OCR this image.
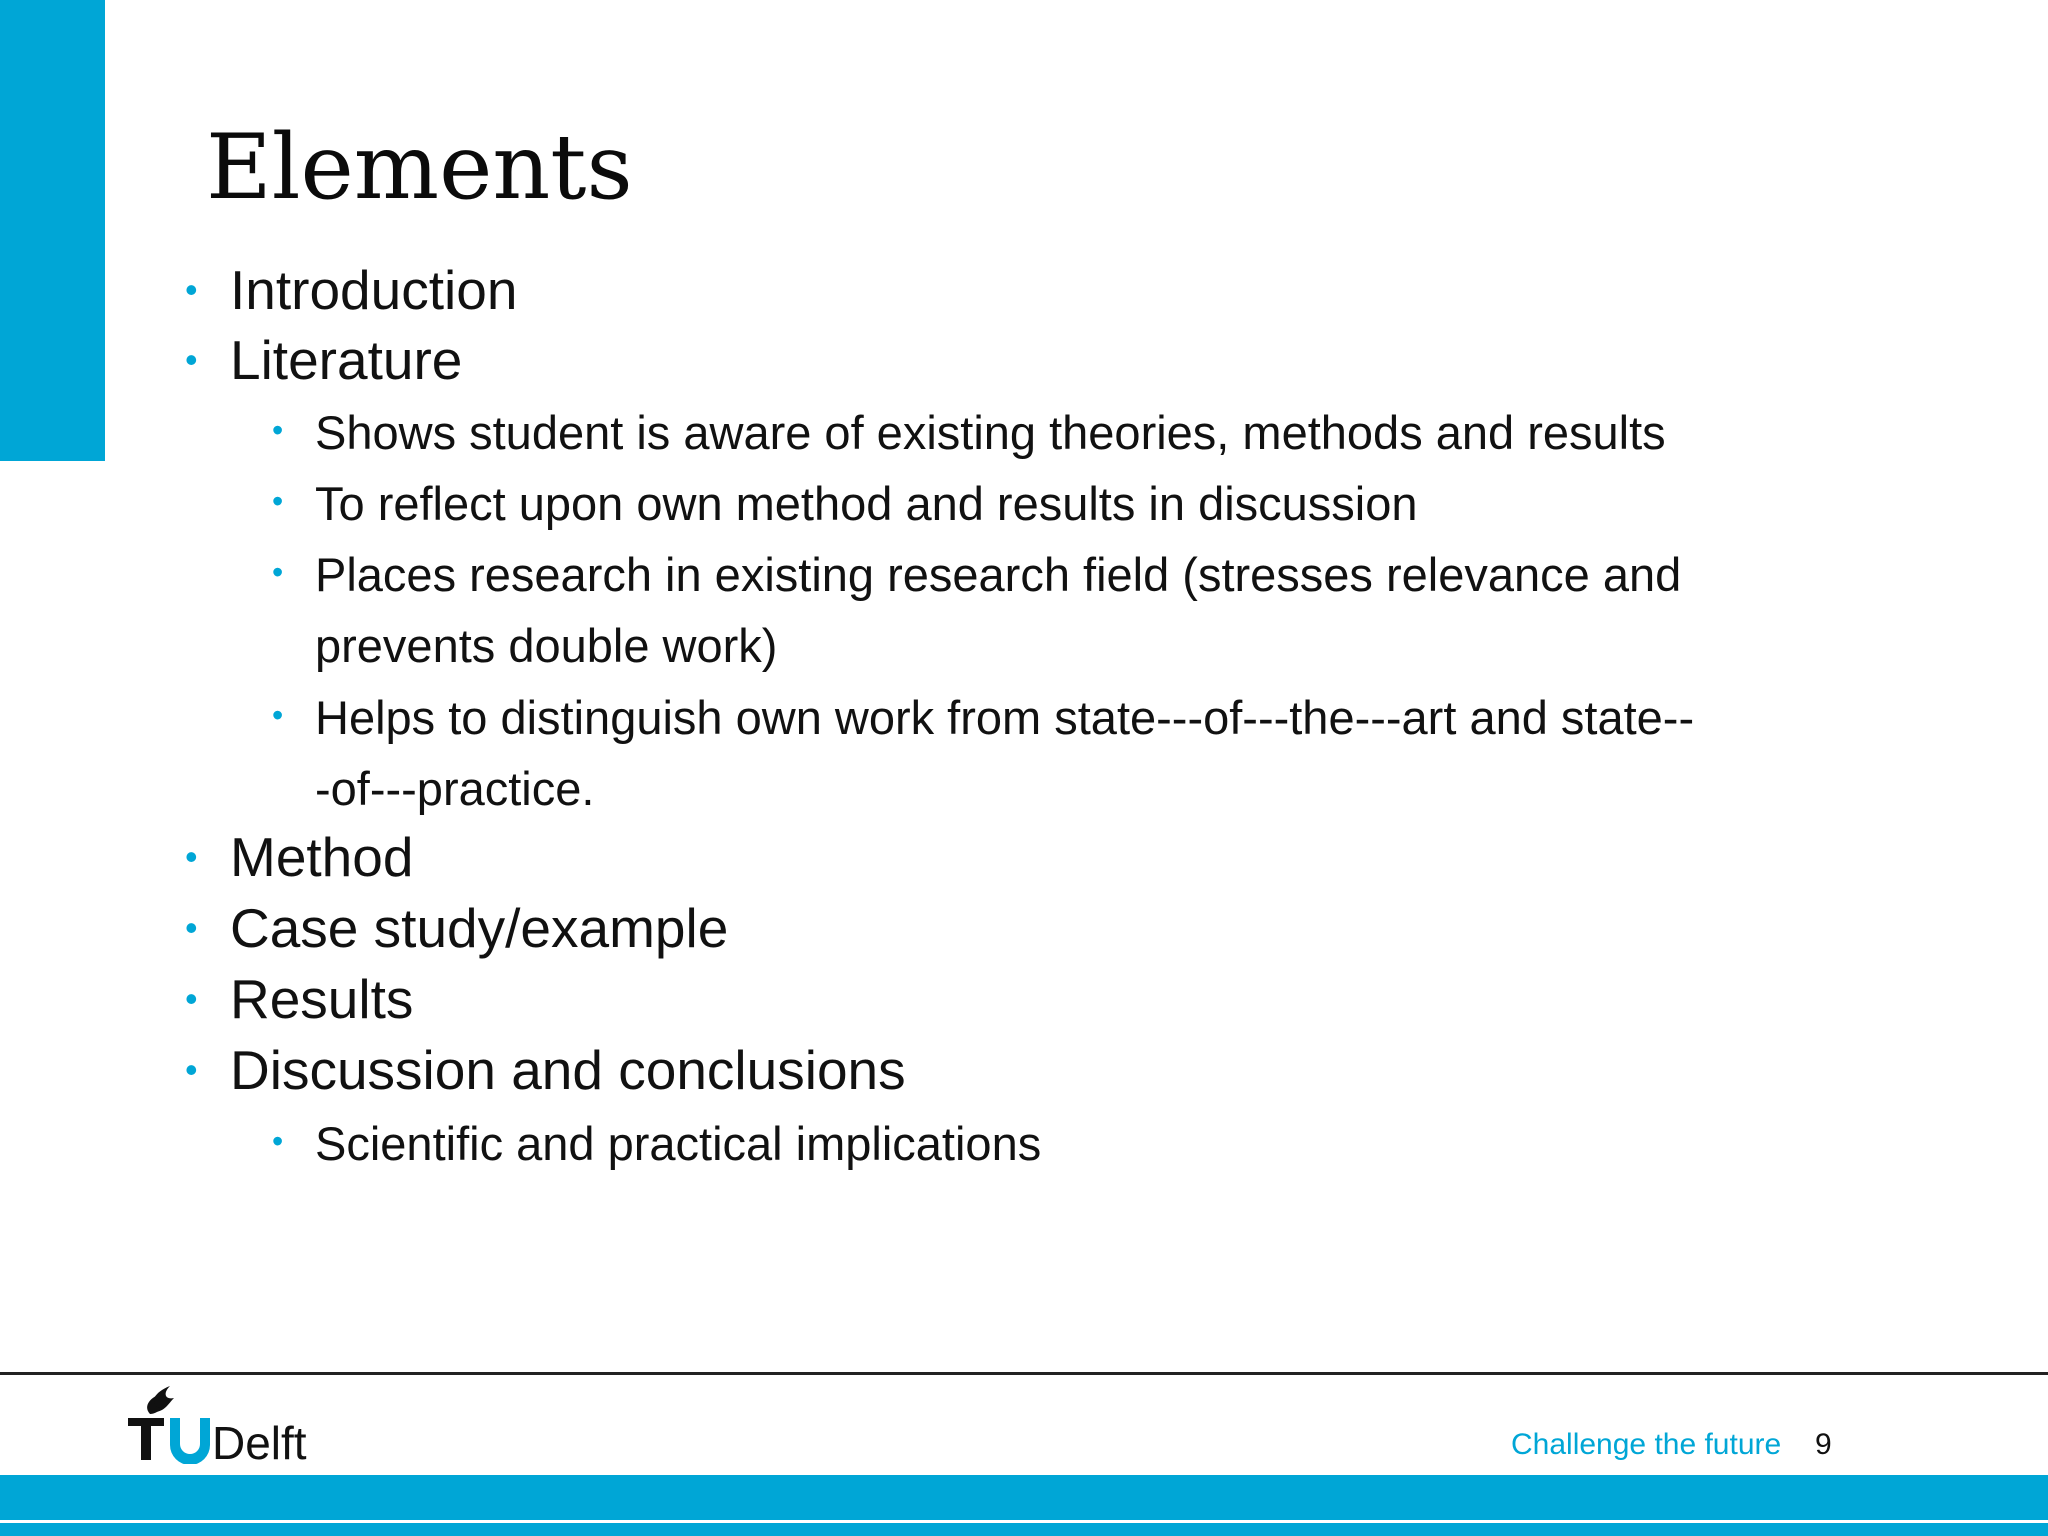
Elements
• Introduction
• Literature
• Shows student is aware of existing theories, methods and results
• To reflect upon own method and results in discussion
• Places research in existing research field (stresses relevance and prevents double work)
• Helps to distinguish own work from state---of---the---art and state---of---practice.
• Method
• Case study/example
• Results
• Discussion and conclusions
• Scientific and practical implications
Delft	Challenge the future 9
